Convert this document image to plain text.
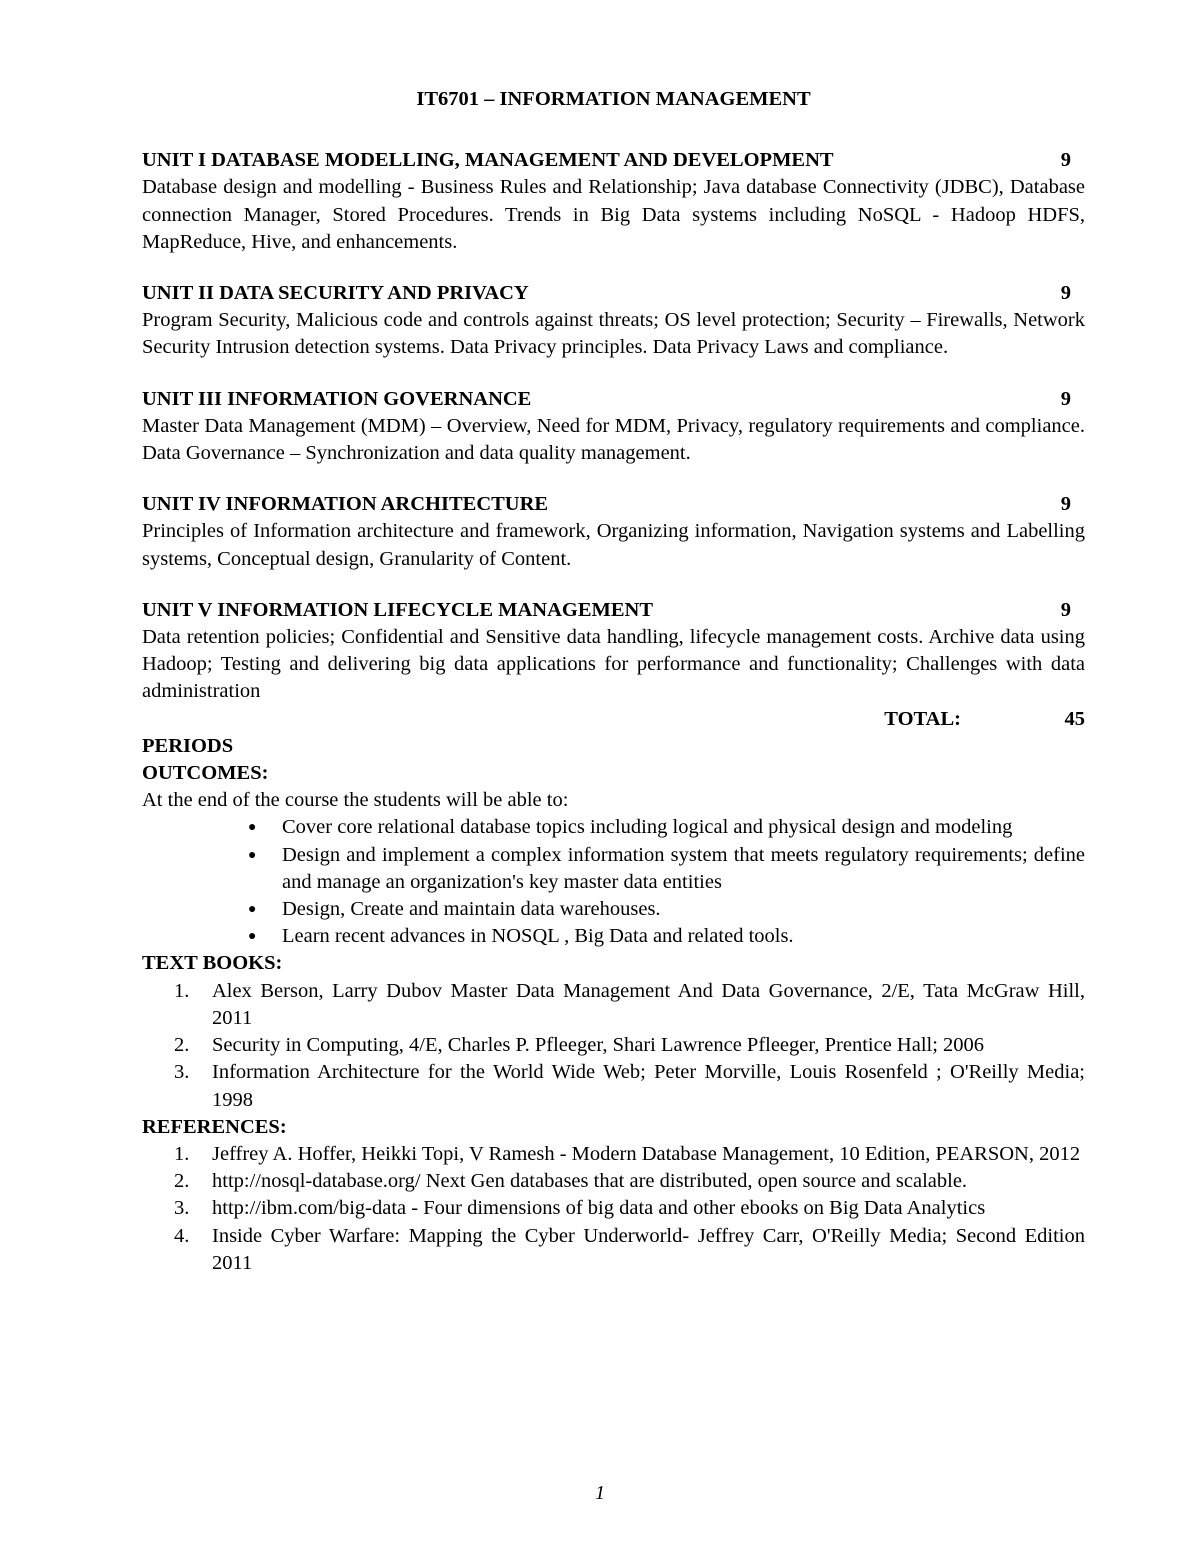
IT6701 – INFORMATION MANAGEMENT
UNIT I DATABASE MODELLING, MANAGEMENT AND DEVELOPMENT	9
Database design and modelling - Business Rules and Relationship; Java database Connectivity (JDBC), Database connection Manager, Stored Procedures. Trends in Big Data systems including NoSQL - Hadoop HDFS, MapReduce, Hive, and enhancements.
UNIT II DATA SECURITY AND PRIVACY	9
Program Security, Malicious code and controls against threats; OS level protection; Security – Firewalls, Network Security Intrusion detection systems. Data Privacy principles. Data Privacy Laws and compliance.
UNIT III INFORMATION GOVERNANCE	9
Master Data Management (MDM) – Overview, Need for MDM, Privacy, regulatory requirements and compliance. Data Governance – Synchronization and data quality management.
UNIT IV INFORMATION ARCHITECTURE	9
Principles of Information architecture and framework, Organizing information, Navigation systems and Labelling systems, Conceptual design, Granularity of Content.
UNIT V INFORMATION LIFECYCLE MANAGEMENT	9
Data retention policies; Confidential and Sensitive data handling, lifecycle management costs. Archive data using Hadoop; Testing and delivering big data applications for performance and functionality; Challenges with data administration
TOTAL:	45
PERIODS
OUTCOMES:

At the end of the course the students will be able to:

● Cover core relational database topics including logical and physical design and modeling
● Design and implement a complex information system that meets regulatory requirements; define and manage an organization's key master data entities
● Design, Create and maintain data warehouses.
● Learn recent advances in NOSQL , Big Data and related tools.
TEXT BOOKS:
1. Alex Berson, Larry Dubov Master Data Management And Data Governance, 2/E, Tata McGraw Hill, 2011
2. Security in Computing, 4/E, Charles P. Pfleeger, Shari Lawrence Pfleeger, Prentice Hall; 2006
3. Information Architecture for the World Wide Web; Peter Morville, Louis Rosenfeld ; O'Reilly Media; 1998
REFERENCES:
1. Jeffrey A. Hoffer, Heikki Topi, V Ramesh - Modern Database Management, 10 Edition, PEARSON, 2012
2. http://nosql-database.org/ Next Gen databases that are distributed, open source and scalable.
3. http://ibm.com/big-data - Four dimensions of big data and other ebooks on Big Data Analytics
4. Inside Cyber Warfare: Mapping the Cyber Underworld- Jeffrey Carr, O'Reilly Media; Second Edition 2011
1
